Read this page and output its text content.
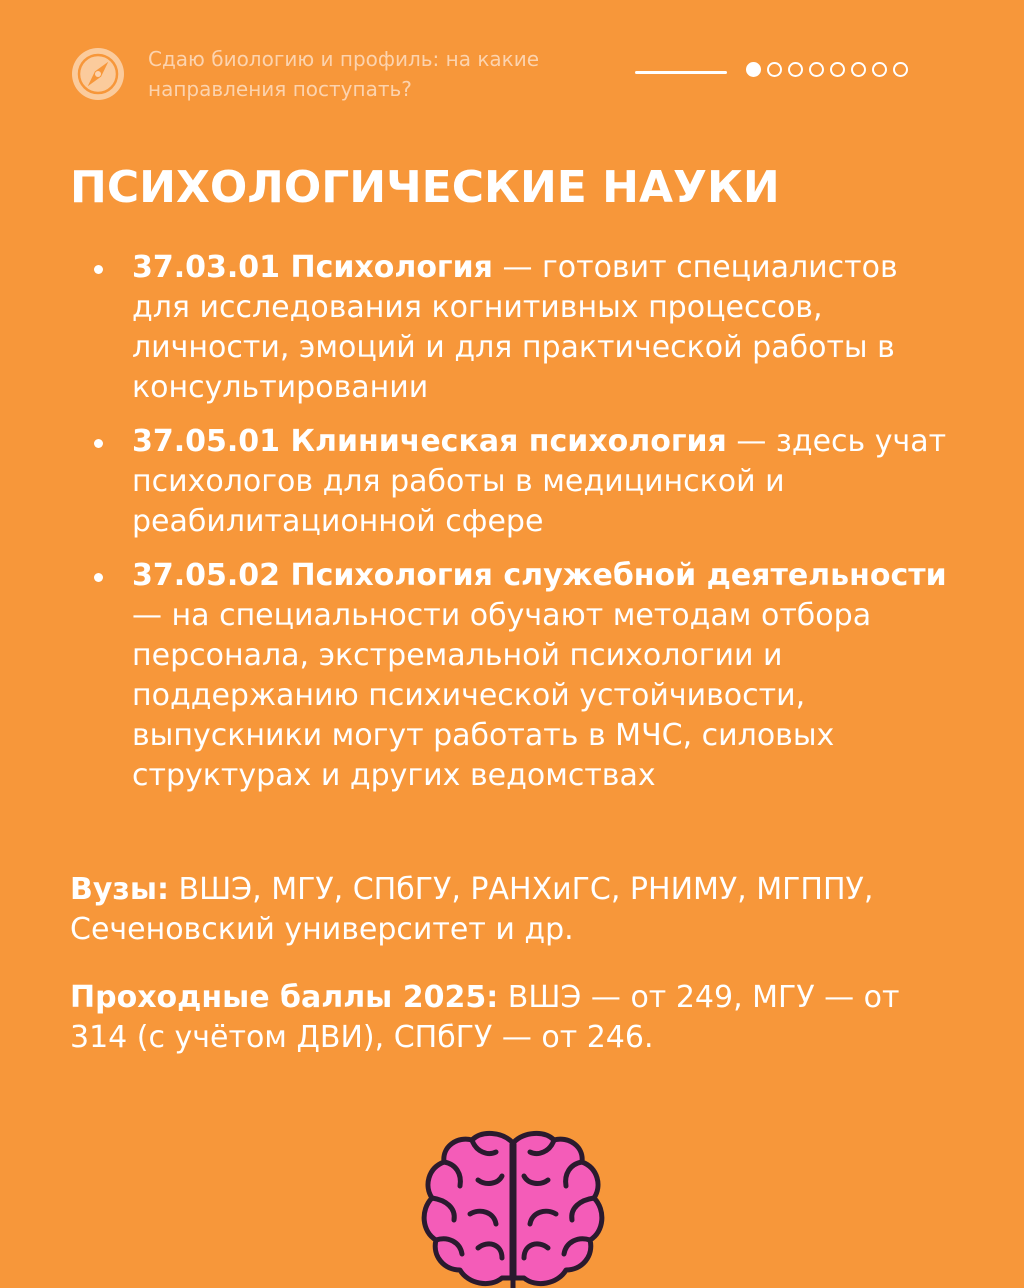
Сдаю биологию и профиль: на какие направления поступать?
ПСИХОЛОГИЧЕСКИЕ НАУКИ
37.03.01 Психология — готовит специалистов для исследования когнитивных процессов, личности, эмоций и для практической работы в консультировании
37.05.01 Клиническая психология — здесь учат психологов для работы в медицинской и реабилитационной сфере
37.05.02 Психология служебной деятельности — на специальности обучают методам отбора персонала, экстремальной психологии и поддержанию психической устойчивости, выпускники могут работать в МЧС, силовых структурах и других ведомствах

Вузы: ВШЭ, МГУ, СПбГУ, РАНХиГС, РНИМУ, МГППУ, Сеченовский университет и др.

Проходные баллы 2025: ВШЭ — от 249, МГУ — от 314 (с учётом ДВИ), СПбГУ — от 246.
